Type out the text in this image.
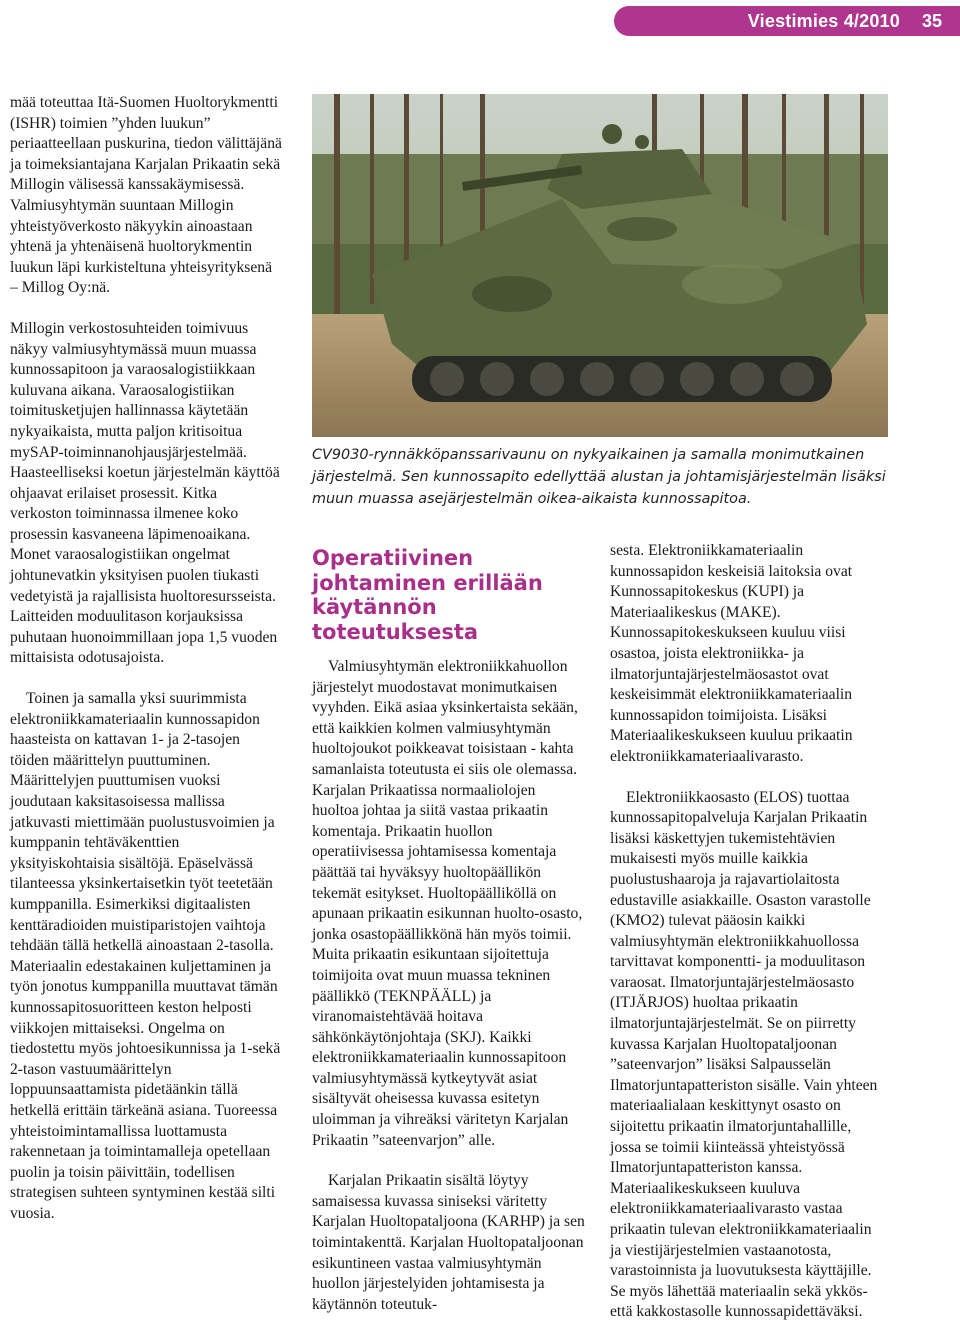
Viestimies 4/2010 35

mää toteuttaa Itä-Suomen Huoltorykmentti (ISHR) toimien ”yhden luukun” periaatteellaan puskurina, tiedon välittäjänä ja toimeksiantajana Karjalan Prikaatin sekä Millogin välisessä kanssakäymisessä. Valmiusyhtymän suuntaan Millogin yhteistyöverkosto näkyykin ainoastaan yhtenä ja yhtenäisenä huoltorykmentin luukun läpi kurkisteltuna yhteisyrityksenä – Millog Oy:nä.

Millogin verkostosuhteiden toimivuus näkyy valmiusyhtymässä muun muassa kunnossapitoon ja varaosalogistiikkaan kuluvana aikana. Varaosalogistiikan toimitusketjujen hallinnassa käytetään nykyaikaista, mutta paljon kritisoitua mySAP-toiminnanohjausjärjestelmää. Haasteelliseksi koetun järjestelmän käyttöä ohjaavat erilaiset prosessit. Kitka verkoston toiminnassa ilmenee koko prosessin kasvaneena läpimenoaikana. Monet varaosalogistiikan ongelmat johtunevatkin yksityisen puolen tiukasti vedetyistä ja rajallisista huoltoresursseista. Laitteiden moduulitason korjauksissa puhutaan huonoimmillaan jopa 1,5 vuoden mittaisista odotusajoista.

Toinen ja samalla yksi suurimmista elektroniikkamateriaalin kunnossapidon haasteista on kattavan 1- ja 2-tasojen töiden määrittelyn puuttuminen. Määrittelyjen puuttumisen vuoksi joudutaan kaksitasoisessa mallissa jatkuvasti miettimään puolustusvoimien ja kumppanin tehtäväkenttien yksityiskohtaisia sisältöjä. Epäselvässä tilanteessa yksinkertaisetkin työt teetetään kumppanilla. Esimerkiksi digitaalisten kenttäradioiden muistiparistojen vaihtoja tehdään tällä hetkellä ainoastaan 2-tasolla. Materiaalin edestakainen kuljettaminen ja työn jonotus kumppanilla muuttavat tämän kunnossapitosuoritteen keston helposti viikkojen mittaiseksi. Ongelma on tiedostettu myös johtoesikunnissa ja 1-sekä 2-tason vastuumäärittelyn loppuunsaattamista pidetäänkin tällä hetkellä erittäin tärkeänä asiana. Tuoreessa yhteistoimintamallissa luottamusta rakennetaan ja toimintamalleja opetellaan puolin ja toisin päivittäin, todellisen strategisen suhteen syntyminen kestää silti vuosia.

CV9030-rynnäkköpanssarivaunu on nykyaikainen ja samalla monimutkainen järjestelmä. Sen kunnossapito edellyttää alustan ja johtamisjärjestelmän lisäksi muun muassa asejärjestelmän oikea-aikaista kunnossapitoa.
Operatiivinen johtaminen erillään käytännön toteutuksesta

Valmiusyhtymän elektroniikkahuollon järjestelyt muodostavat monimutkaisen vyyhden. Eikä asiaa yksinkertaista sekään, että kaikkien kolmen valmiusyhtymän huoltojoukot poikkeavat toisistaan - kahta samanlaista toteutusta ei siis ole olemassa. Karjalan Prikaatissa normaaliolojen huoltoa johtaa ja siitä vastaa prikaatin komentaja. Prikaatin huollon operatiivisessa johtamisessa komentaja päättää tai hyväksyy huoltopäällikön tekemät esitykset. Huoltopäälliköllä on apunaan prikaatin esikunnan huolto-osasto, jonka osastopäällikkönä hän myös toimii. Muita prikaatin esikuntaan sijoitettuja toimijoita ovat muun muassa tekninen päällikkö (TEKNPÄÄLL) ja viranomaistehtävää hoitava sähkönkäytönjohtaja (SKJ). Kaikki elektroniikkamateriaalin kunnossapitoon valmiusyhtymässä kytkeytyvät asiat sisältyvät oheisessa kuvassa esitetyn uloimman ja vihreäksi väritetyn Karjalan Prikaatin ”sateenvarjon” alle.

Karjalan Prikaatin sisältä löytyy samaisessa kuvassa siniseksi väritetty Karjalan Huoltopataljoona (KARHP) ja sen toimintakenttä. Karjalan Huoltopataljoonan esikuntineen vastaa valmiusyhtymän huollon järjestelyiden johtamisesta ja käytännön toteutuk-

sesta. Elektroniikkamateriaalin kunnossapidon keskeisiä laitoksia ovat Kunnossapitokeskus (KUPI) ja Materiaalikeskus (MAKE). Kunnossapitokeskukseen kuuluu viisi osastoa, joista elektroniikka- ja ilmatorjuntajärjestelmäosastot ovat keskeisimmät elektroniikkamateriaalin kunnossapidon toimijoista. Lisäksi Materiaalikeskukseen kuuluu prikaatin elektroniikkamateriaalivarasto.

Elektroniikkaosasto (ELOS) tuottaa kunnossapitopalveluja Karjalan Prikaatin lisäksi käskettyjen tukemistehtävien mukaisesti myös muille kaikkia puolustushaaroja ja rajavartiolaitosta edustaville asiakkaille. Osaston varastolle (KMO2) tulevat pääosin kaikki valmiusyhtymän elektroniikkahuollossa tarvittavat komponentti- ja moduulitason varaosat. Ilmatorjuntajärjestelmäosasto (ITJÄRJOS) huoltaa prikaatin ilmatorjuntajärjestelmät. Se on piirretty kuvassa Karjalan Huoltopataljoonan ”sateenvarjon” lisäksi Salpausselän Ilmatorjuntapatteriston sisälle. Vain yhteen materiaalialaan keskittynyt osasto on sijoitettu prikaatin ilmatorjuntahallille, jossa se toimii kiinteässä yhteistyössä Ilmatorjuntapatteriston kanssa. Materiaalikeskukseen kuuluva elektroniikkamateriaalivarasto vastaa prikaatin tulevan elektroniikkamateriaalin ja viestijärjestelmien vastaanotosta, varastoinnista ja luovutuksesta käyttäjille. Se myös lähettää materiaalin sekä ykkös- että kakkostasolle kunnossapidettäväksi.
